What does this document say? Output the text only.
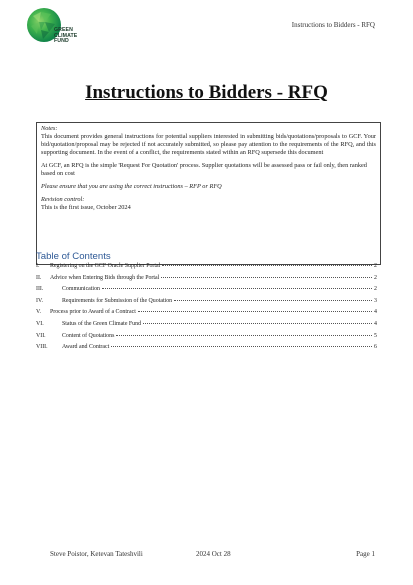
GREEN
CLIMATE
FUND
Instructions to Bidders - RFQ
Instructions to Bidders - RFQ

Notes:

This document provides general instructions for potential suppliers interested in submitting bids/quotations/proposals to GCF. Your bid/quotation/proposal may be rejected if not accurately submitted, so please pay attention to the requirements of the RFQ, and this supporting document. In the event of a conflict, the requirements stated within an RFQ supersede this document

At GCF, an RFQ is the simple 'Request For Quotation' process. Supplier quotations will be assessed pass or fail only, then ranked based on cost

Please ensure that you are using the correct instructions – RFP or RFQ

Revision control:

This is the first issue, October 2024

Table of Contents
I.	Registering on the GCF Oracle Supplier Portal	2
II.	Advice when Entering Bids through the Portal	2
III.	Communication	2
IV.	Requirements for Submission of the Quotation	3
V.	Process prior to Award of a Contract	4
VI.	Status of the Green Climate Fund	4
VII.	Content of Quotations	5
VIII.	Award and Contract	6
Steve Poistor, Ketevan Tateshvili	2024 Oct 28	Page 1
